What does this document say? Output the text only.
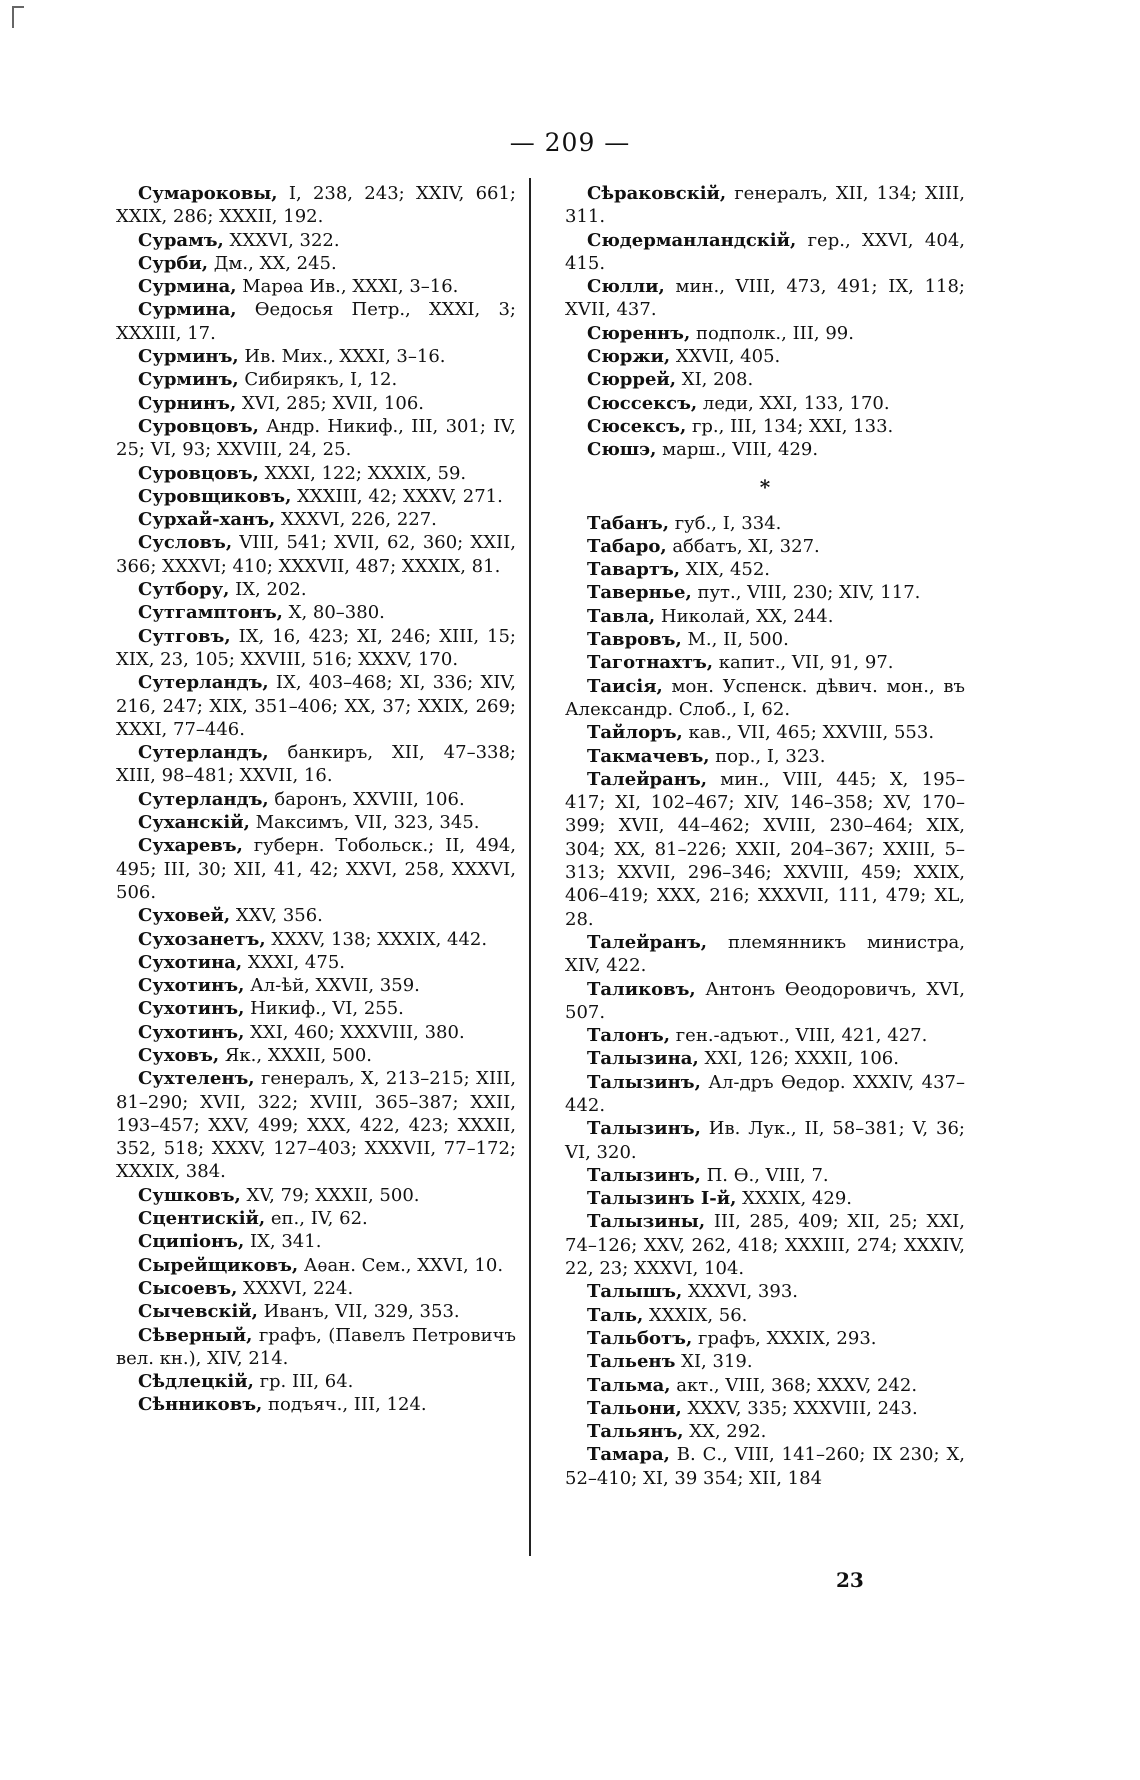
— 209 —

Сумароковы, I, 238, 243; XXIV, 661; XXIX, 286; XXXII, 192.

Сурамъ, XXXVI, 322.

Сурби, Дм., XX, 245.

Сурмина, Марѳа Ив., XXXI, 3–16.

Сурмина, Ѳедосья Петр., XXXI, 3; XXXIII, 17.

Сурминъ, Ив. Мих., XXXI, 3–16.

Сурминъ, Сибирякъ, I, 12.

Сурнинъ, XVI, 285; XVII, 106.

Суровцовъ, Андр. Никиф., III, 301; IV, 25; VI, 93; XXVIII, 24, 25.

Суровцовъ, XXXI, 122; XXXIX, 59.

Суровщиковъ, XXXIII, 42; XXXV, 271.

Сурхай-ханъ, XXXVI, 226, 227.

Сусловъ, VIII, 541; XVII, 62, 360; XXII, 366; XXXVI; 410; XXXVII, 487; XXXIX, 81.

Сутбору, IX, 202.

Сутгамптонъ, X, 80–380.

Сутговъ, IX, 16, 423; XI, 246; XIII, 15; XIX, 23, 105; XXVIII, 516; XXXV, 170.

Сутерландъ, IX, 403–468; XI, 336; XIV, 216, 247; XIX, 351–406; XX, 37; XXIX, 269; XXXI, 77–446.

Сутерландъ, банкиръ, XII, 47–338; XIII, 98–481; XXVII, 16.

Сутерландъ, баронъ, XXVIII, 106.

Суханскій, Максимъ, VII, 323, 345.

Сухаревъ, губерн. Тобольск.; II, 494, 495; III, 30; XII, 41, 42; XXVI, 258, XXXVI, 506.

Суховей, XXV, 356.

Сухозанетъ, XXXV, 138; XXXIX, 442.

Сухотина, XXXI, 475.

Сухотинъ, Ал-ѣй, XXVII, 359.

Сухотинъ, Никиф., VI, 255.

Сухотинъ, XXI, 460; XXXVIII, 380.

Суховъ, Як., XXXII, 500.

Сухтеленъ, генералъ, X, 213–215; XIII, 81–290; XVII, 322; XVIII, 365–387; XXII, 193–457; XXV, 499; XXX, 422, 423; XXXII, 352, 518; XXXV, 127–403; XXXVII, 77–172; XXXIX, 384.

Сушковъ, XV, 79; XXXII, 500.

Сцентискій, еп., IV, 62.

Сципіонъ, IX, 341.

Сырейщиковъ, Аѳан. Сем., XXVI, 10.

Сысоевъ, XXXVI, 224.

Сычевскій, Иванъ, VII, 329, 353.

Сѣверный, графъ, (Павелъ Петровичъ вел. кн.), XIV, 214.

Сѣдлецкій, гр. III, 64.

Сѣнниковъ, подъяч., III, 124.

Сѣраковскій, генералъ, XII, 134; XIII, 311.

Сюдерманландскій, гер., XXVI, 404, 415.

Сюлли, мин., VIII, 473, 491; IX, 118; XVII, 437.

Сюреннъ, подполк., III, 99.

Сюржи, XXVII, 405.

Сюррей, XI, 208.

Сюссексъ, леди, XXI, 133, 170.

Сюсексъ, гр., III, 134; XXI, 133.

Сюшэ, марш., VIII, 429.

*

Табанъ, губ., I, 334.

Табаро, аббатъ, XI, 327.

Тавартъ, XIX, 452.

Тавернье, пут., VIII, 230; XIV, 117.

Тавла, Николай, XX, 244.

Тавровъ, М., II, 500.

Таготнахтъ, капит., VII, 91, 97.

Таисія, мон. Успенск. дѣвич. мон., въ Александр. Слоб., I, 62.

Тайлоръ, кав., VII, 465; XXVIII, 553.

Такмачевъ, пор., I, 323.

Талейранъ, мин., VIII, 445; X, 195–417; XI, 102–467; XIV, 146–358; XV, 170–399; XVII, 44–462; XVIII, 230–464; XIX, 304; XX, 81–226; XXII, 204–367; XXIII, 5–313; XXVII, 296–346; XXVIII, 459; XXIX, 406–419; XXX, 216; XXXVII, 111, 479; XL, 28.

Талейранъ, племянникъ министра, XIV, 422.

Таликовъ, Антонъ Ѳеодоровичъ, XVI, 507.

Талонъ, ген.-адъют., VIII, 421, 427.

Талызина, XXI, 126; XXXII, 106.

Талызинъ, Ал-дръ Ѳедор. XXXIV, 437–442.

Талызинъ, Ив. Лук., II, 58–381; V, 36; VI, 320.

Талызинъ, П. Ѳ., VIII, 7.

Талызинъ I-й, XXXIX, 429.

Талызины, III, 285, 409; XII, 25; XXI, 74–126; XXV, 262, 418; XXXIII, 274; XXXIV, 22, 23; XXXVI, 104.

Талышъ, XXXVI, 393.

Таль, XXXIX, 56.

Тальботъ, графъ, XXXIX, 293.

Тальенъ XI, 319.

Тальма, акт., VIII, 368; XXXV, 242.

Тальони, XXXV, 335; XXXVIII, 243.

Тальянъ, XX, 292.

Тамара, В. С., VIII, 141–260; IX 230; X, 52–410; XI, 39 354; XII, 184

23
